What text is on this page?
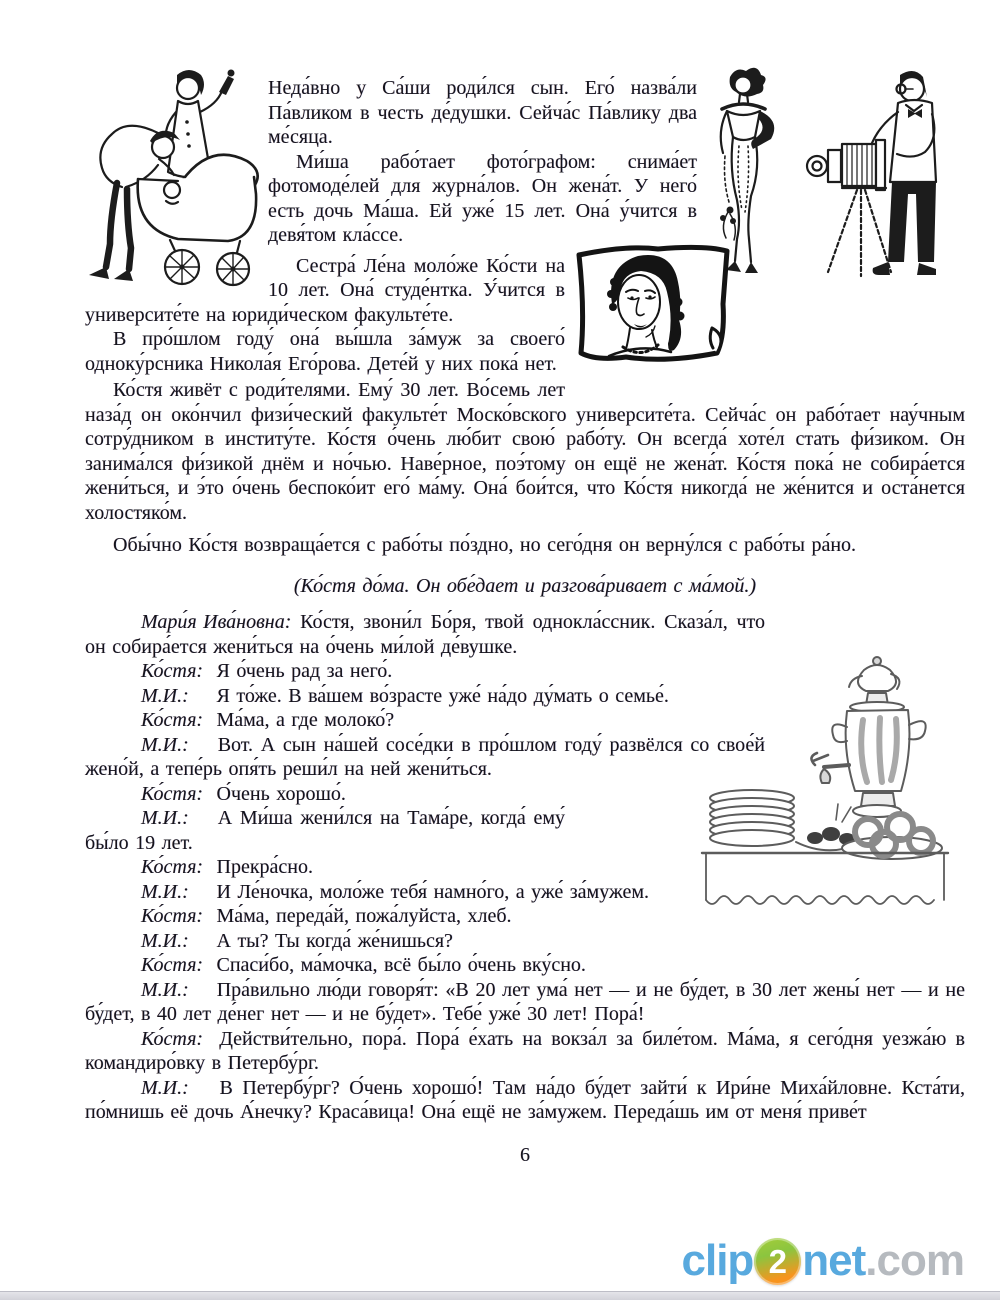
Неда́вно у Са́ши роди́лся сын. Его́ назва́ли Па́вликом в честь де́душки. Сейча́с Па́влику два ме́сяца.

Ми́ша рабо́тает фото́графом: снима́ет фотомоде́лей для журна́лов. Он жена́т. У него́ есть дочь Ма́ша. Ей уже́ 15 лет. Она́ у́чится в девя́том кла́ссе.

Сестра́ Ле́на моло́же Ко́сти на 10 лет. Она́ студе́нтка. У́чится в университе́те на юриди́ческом факульте́те.

В про́шлом году́ она́ вы́шла за́муж за своего́ одноку́рсника Никола́я Его́рова. Дете́й у них пока́ нет.

Ко́стя живёт с роди́телями. Ему́ 30 лет. Во́семь лет наза́д он око́нчил физи́ческий факульте́т Моско́вского университе́та. Сейча́с он рабо́тает нау́чным сотру́дником в институ́те. Ко́стя о́чень лю́бит свою́ рабо́ту. Он всегда́ хоте́л стать фи́зиком. Он занима́лся фи́зикой днём и но́чью. Наве́рное, поэ́тому он ещё не жена́т. Ко́стя пока́ не собира́ется жени́ться, и э́то о́чень беспоко́ит его́ ма́му. Она́ бои́тся, что Ко́стя никогда́ не же́нится и оста́нется холостяко́м.

Обы́чно Ко́стя возвраща́ется с рабо́ты по́здно, но сего́дня он верну́лся с рабо́ты ра́но.

(Ко́стя до́ма. Он обе́дает и разгова́ривает с ма́мой.)

Мари́я Ива́новна: Ко́стя, звони́л Бо́ря, твой однокла́ссник. Сказа́л, что он собира́ется жени́ться на о́чень ми́лой де́вушке.

Ко́стя: Я о́чень рад за него́.

М.И.: Я то́же. В ва́шем во́зрасте уже́ на́до ду́мать о семье́.

Ко́стя: Ма́ма, а где молоко́?

М.И.: Вот. А сын на́шей сосе́дки в про́шлом году́ развёлся со свое́й жено́й, а тепе́рь опя́ть реши́л на ней жени́ться.

Ко́стя: О́чень хорошо́.

М.И.: А Ми́ша жени́лся на Тама́ре, когда́ ему́ бы́ло 19 лет.

Ко́стя: Прекра́сно.

М.И.: И Ле́ночка, моло́же тебя́ намно́го, а уже́ за́мужем.

Ко́стя: Ма́ма, переда́й, пожа́луйста, хлеб.

М.И.: А ты? Ты когда́ же́нишься?

Ко́стя: Спаси́бо, ма́мочка, всё бы́ло о́чень вку́сно.

М.И.: Пра́вильно лю́ди говоря́т: «В 20 лет ума́ нет — и не бу́дет, в 30 лет жены́ нет — и не бу́дет, в 40 лет де́нег нет — и не бу́дет». Тебе́ уже́ 30 лет! Пора́!

Ко́стя: Действи́тельно, пора́. Пора́ е́хать на вокза́л за биле́том. Ма́ма, я сего́дня уезжа́ю в командиро́вку в Петербу́рг.

М.И.: В Петербу́рг? О́чень хорошо́! Там на́до бу́дет зайти́ к Ири́не Миха́йловне. Кста́ти, по́мнишь её дочь А́нечку? Краса́вица! Она́ ещё не за́мужем. Переда́шь им от меня́ приве́т

6

clip 2 net .com
